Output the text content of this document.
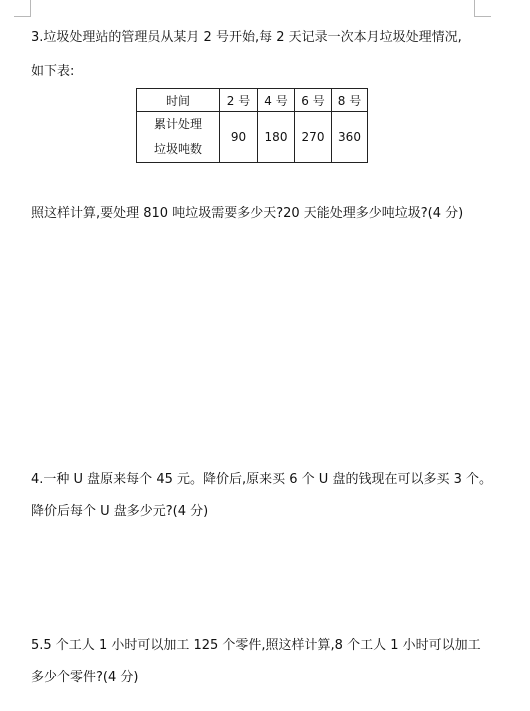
3.垃圾处理站的管理员从某月 2 号开始,每 2 天记录一次本月垃圾处理情况,
如下表:
时间	2 号	4 号	6 号	8 号

累计处理
垃圾吨数	90	180	270	360
照这样计算,要处理 810 吨垃圾需要多少天?20 天能处理多少吨垃圾?(4 分)
4.一种 U 盘原来每个 45 元。降价后,原来买 6 个 U 盘的钱现在可以多买 3 个。
降价后每个 U 盘多少元?(4 分)
5.5 个工人 1 小时可以加工 125 个零件,照这样计算,8 个工人 1 小时可以加工
多少个零件?(4 分)
